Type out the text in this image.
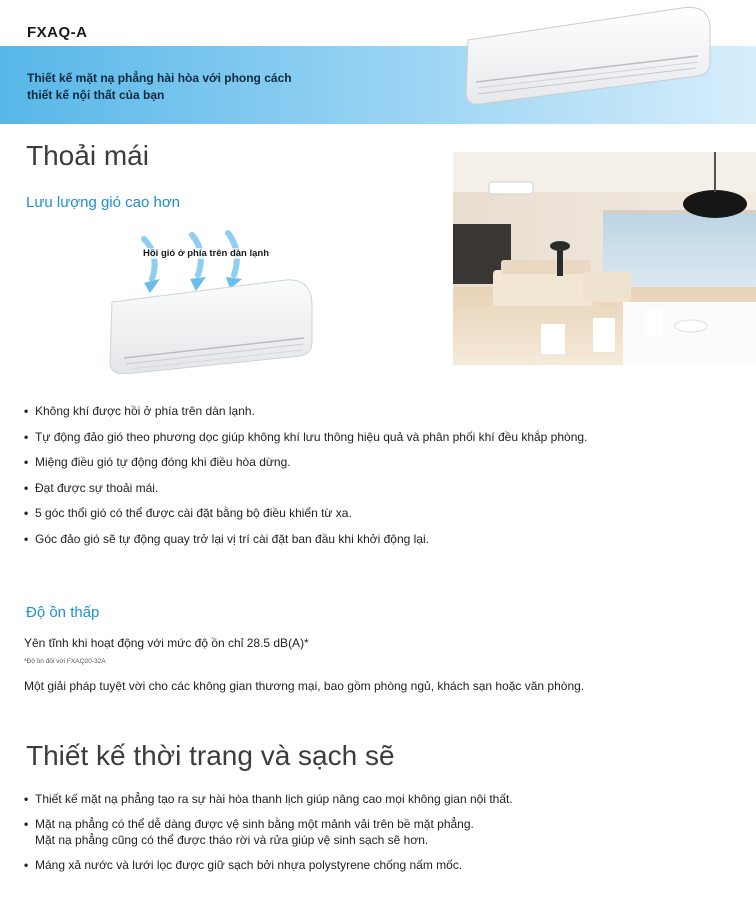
FXAQ-A
Thiết kế mặt nạ phẳng hài hòa với phong cách
thiết kế nội thất của bạn
Thoải mái
Lưu lượng gió cao hơn
Hồi gió ở phía trên dàn lạnh
• Không khí được hồi ở phía trên dàn lạnh.
• Tự động đảo gió theo phương dọc giúp không khí lưu thông hiệu quả và phân phối khí đều khắp phòng.
• Miệng điều gió tự động đóng khi điều hòa dừng.
• Đạt được sự thoải mái.
• 5 góc thổi gió có thể được cài đặt bằng bộ điều khiển từ xa.
• Góc đảo gió sẽ tự động quay trở lại vị trí cài đặt ban đầu khi khởi động lại.
Độ ồn thấp
Yên tĩnh khi hoạt động với mức độ ồn chỉ 28.5 dB(A)*
*Độ ồn đối với FXAQ20-32A
Một giải pháp tuyệt vời cho các không gian thương mại, bao gồm phòng ngủ, khách sạn hoặc văn phòng.
Thiết kế thời trang và sạch sẽ
• Thiết kế mặt nạ phẳng tạo ra sự hài hòa thanh lịch giúp nâng cao mọi không gian nội thất.
• Mặt nạ phẳng có thể dễ dàng được vệ sinh bằng một mảnh vải trên bề mặt phẳng.
Mặt nạ phẳng cũng có thể được tháo rời và rửa giúp vệ sinh sạch sẽ hơn.
• Máng xả nước và lưới lọc được giữ sạch bởi nhựa polystyrene chống nấm mốc.
